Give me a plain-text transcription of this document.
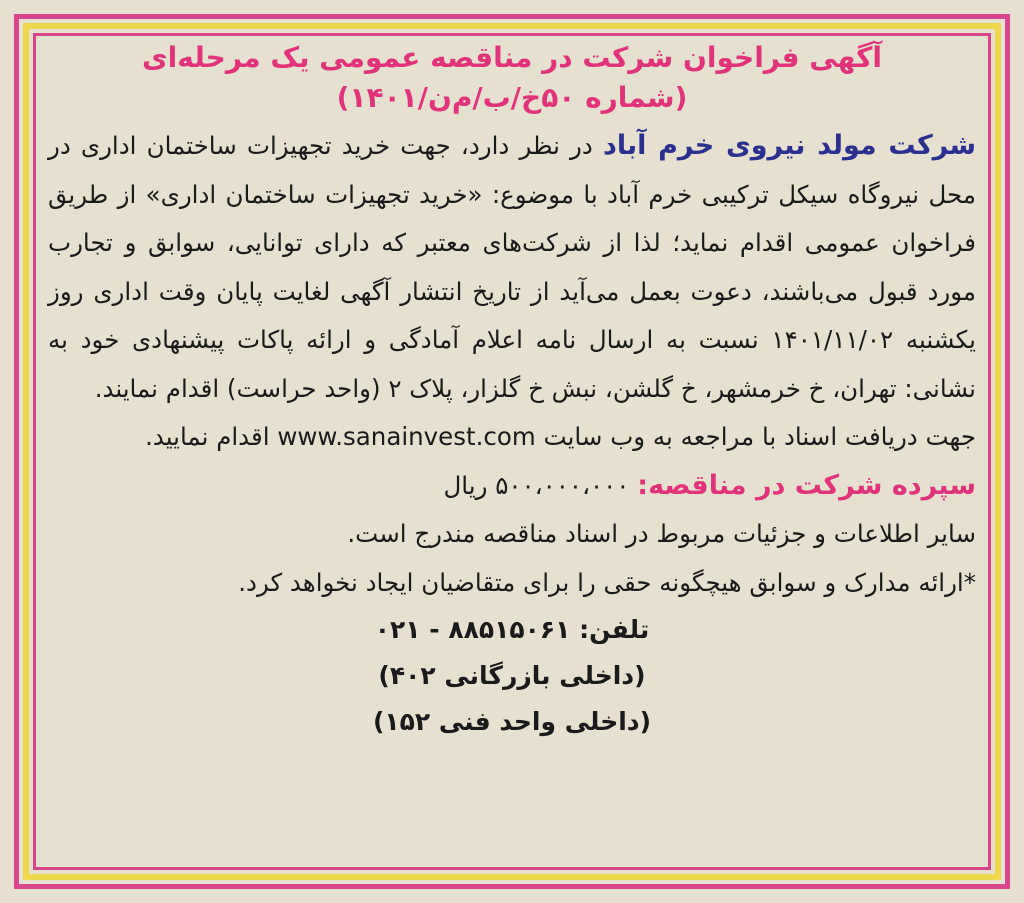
آگهی فراخوان شرکت در مناقصه عمومی یک مرحله‌ای

(شماره ۵۰خ/ب/م‌ن/۱۴۰۱)

شرکت مولد نیروی خرم آباد در نظر دارد، جهت خرید تجهیزات ساختمان اداری در محل نیروگاه سیکل ترکیبی خرم آباد با موضوع: «خرید تجهیزات ساختمان اداری» از طریق فراخوان عمومی اقدام نماید؛ لذا از شرکت‌های معتبر که دارای توانایی، سوابق و تجارب مورد قبول می‌باشند، دعوت بعمل می‌آید از تاریخ انتشار آگهی لغایت پایان وقت اداری روز یکشنبه ۱۴۰۱/۱۱/۰۲ نسبت به ارسال نامه اعلام آمادگی و ارائه پاکات پیشنهادی خود به نشانی: تهران، خ خرمشهر، خ گلشن، نبش خ گلزار، پلاک ۲ (واحد حراست) اقدام نمایند.

جهت دریافت اسناد با مراجعه به وب سایت www.sanainvest.com اقدام نمایید.

سپرده شرکت در مناقصه: ۵۰۰،۰۰۰،۰۰۰ ریال

سایر اطلاعات و جزئیات مربوط در اسناد مناقصه مندرج است.

*ارائه مدارک و سوابق هیچگونه حقی را برای متقاضیان ایجاد نخواهد کرد.

تلفن: ۸۸۵۱۵۰۶۱ - ۰۲۱

(داخلی بازرگانی ۴۰۲)

(داخلی واحد فنی ۱۵۲)
